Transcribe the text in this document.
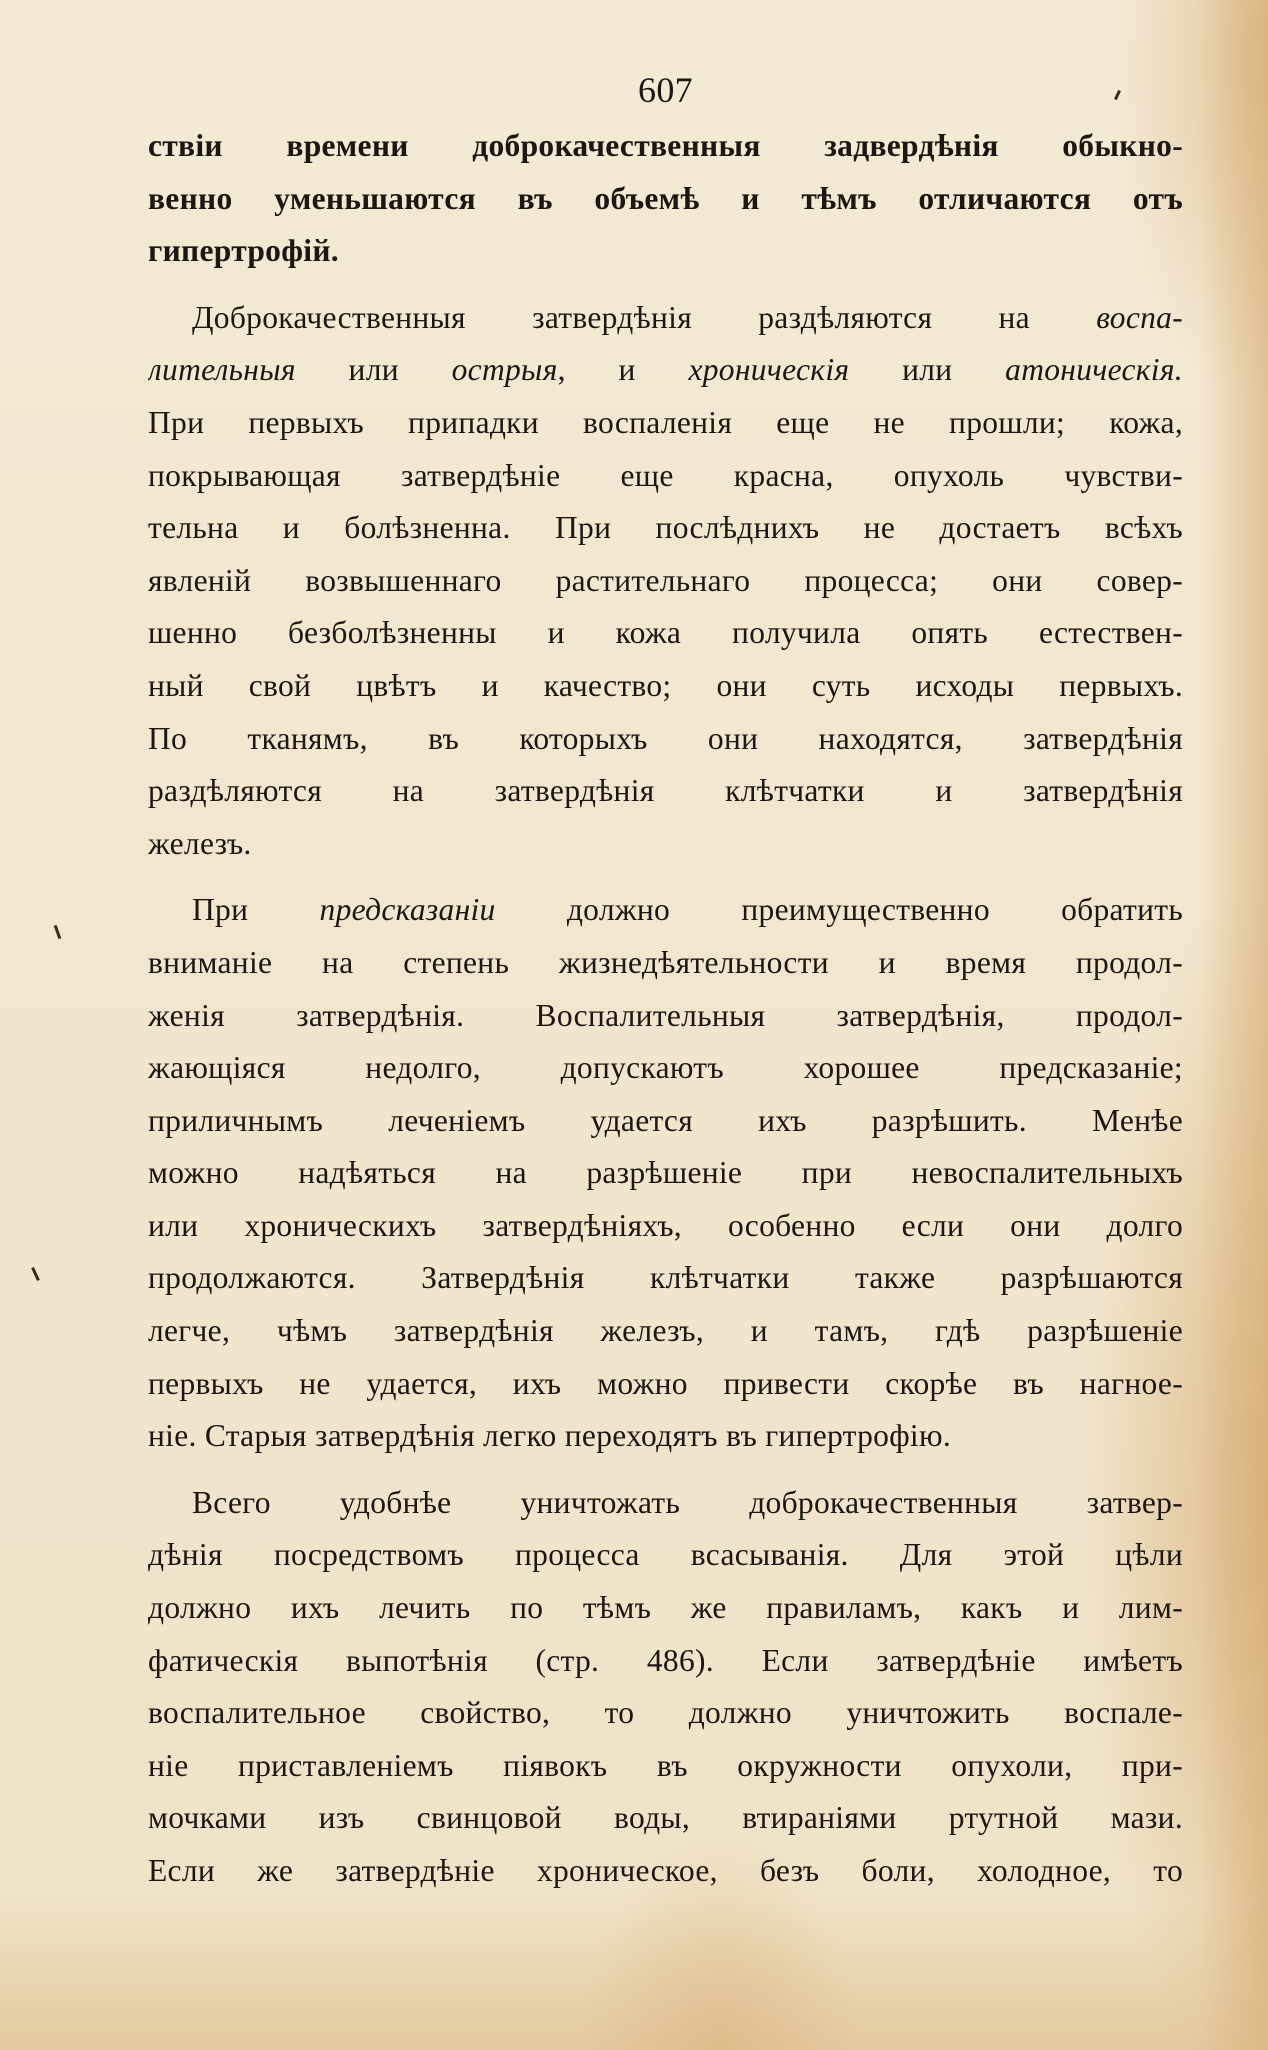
607
ствіи времени доброкачественныя задвердѣнія обыкно-
венно уменьшаются въ объемѣ и тѣмъ отличаются отъ
гипертрофій.
Доброкачественныя затвердѣнія раздѣляются на воспа-
лительныя или острыя, и хроническія или атоническія.
При первыхъ припадки воспаленія еще не прошли; кожа,
покрывающая затвердѣніе еще красна, опухоль чувстви-
тельна и болѣзненна. При послѣднихъ не достаетъ всѣхъ
явленій возвышеннаго растительнаго процесса; они совер-
шенно безболѣзненны и кожа получила опять естествен-
ный свой цвѣтъ и качество; они суть исходы первыхъ.
По тканямъ, въ которыхъ они находятся, затвердѣнія
раздѣляются на затвердѣнія клѣтчатки и затвердѣнія
железъ.
При предсказаніи должно преимущественно обратить
вниманіе на степень жизнедѣятельности и время продол-
женія затвердѣнія. Воспалительныя затвердѣнія, продол-
жающіяся недолго, допускаютъ хорошее предсказаніе;
приличнымъ леченіемъ удается ихъ разрѣшить. Менѣе
можно надѣяться на разрѣшеніе при невоспалительныхъ
или хроническихъ затвердѣніяхъ, особенно если они долго
продолжаются. Затвердѣнія клѣтчатки также разрѣшаются
легче, чѣмъ затвердѣнія железъ, и тамъ, гдѣ разрѣшеніе
первыхъ не удается, ихъ можно привести скорѣе въ нагное-
ніе. Старыя затвердѣнія легко переходятъ въ гипертрофію.
Всего удобнѣе уничтожать доброкачественныя затвер-
дѣнія посредствомъ процесса всасыванія. Для этой цѣли
должно ихъ лечить по тѣмъ же правиламъ, какъ и лим-
фатическія выпотѣнія (стр. 486). Если затвердѣніе имѣетъ
воспалительное свойство, то должно уничтожить воспале-
ніе приставленіемъ піявокъ въ окружности опухоли, при-
мочками изъ свинцовой воды, втираніями ртутной мази.
Если же затвердѣніе хроническое, безъ боли, холодное, то
